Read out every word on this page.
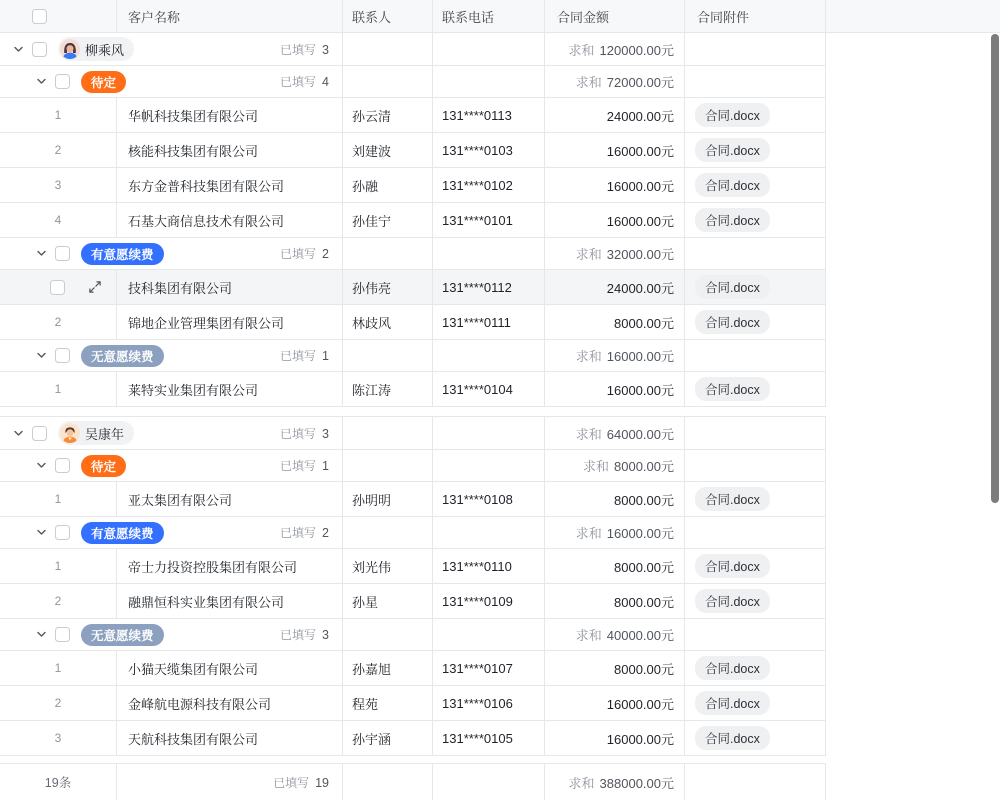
客户名称	联系人	联系电话	合同金额	合同附件
柳乘风	已填写 3	求和 120000.00元
待定	已填写 4	求和 72000.00元
1	华帆科技集团有限公司	孙云清	131****0113	24000.00元	合同.docx
2	核能科技集团有限公司	刘建波	131****0103	16000.00元	合同.docx
3	东方金普科技集团有限公司	孙融	131****0102	16000.00元	合同.docx
4	石基大商信息技术有限公司	孙佳宁	131****0101	16000.00元	合同.docx
有意愿续费	已填写 2	求和 32000.00元
技科集团有限公司	孙伟亮	131****0112	24000.00元	合同.docx
2	锦地企业管理集团有限公司	林歧风	131****0111	8000.00元	合同.docx
无意愿续费	已填写 1	求和 16000.00元
1	莱特实业集团有限公司	陈江涛	131****0104	16000.00元	合同.docx
吴康年	已填写 3	求和 64000.00元
待定	已填写 1	求和 8000.00元
1	亚太集团有限公司	孙明明	131****0108	8000.00元	合同.docx
有意愿续费	已填写 2	求和 16000.00元
1	帝士力投资控股集团有限公司	刘光伟	131****0110	8000.00元	合同.docx
2	融鼎恒科实业集团有限公司	孙星	131****0109	8000.00元	合同.docx
无意愿续费	已填写 3	求和 40000.00元
1	小猫天缆集团有限公司	孙嘉旭	131****0107	8000.00元	合同.docx
2	金峰航电源科技有限公司	程苑	131****0106	16000.00元	合同.docx
3	天航科技集团有限公司	孙宇涵	131****0105	16000.00元	合同.docx
19条	已填写 19	求和 388000.00元
